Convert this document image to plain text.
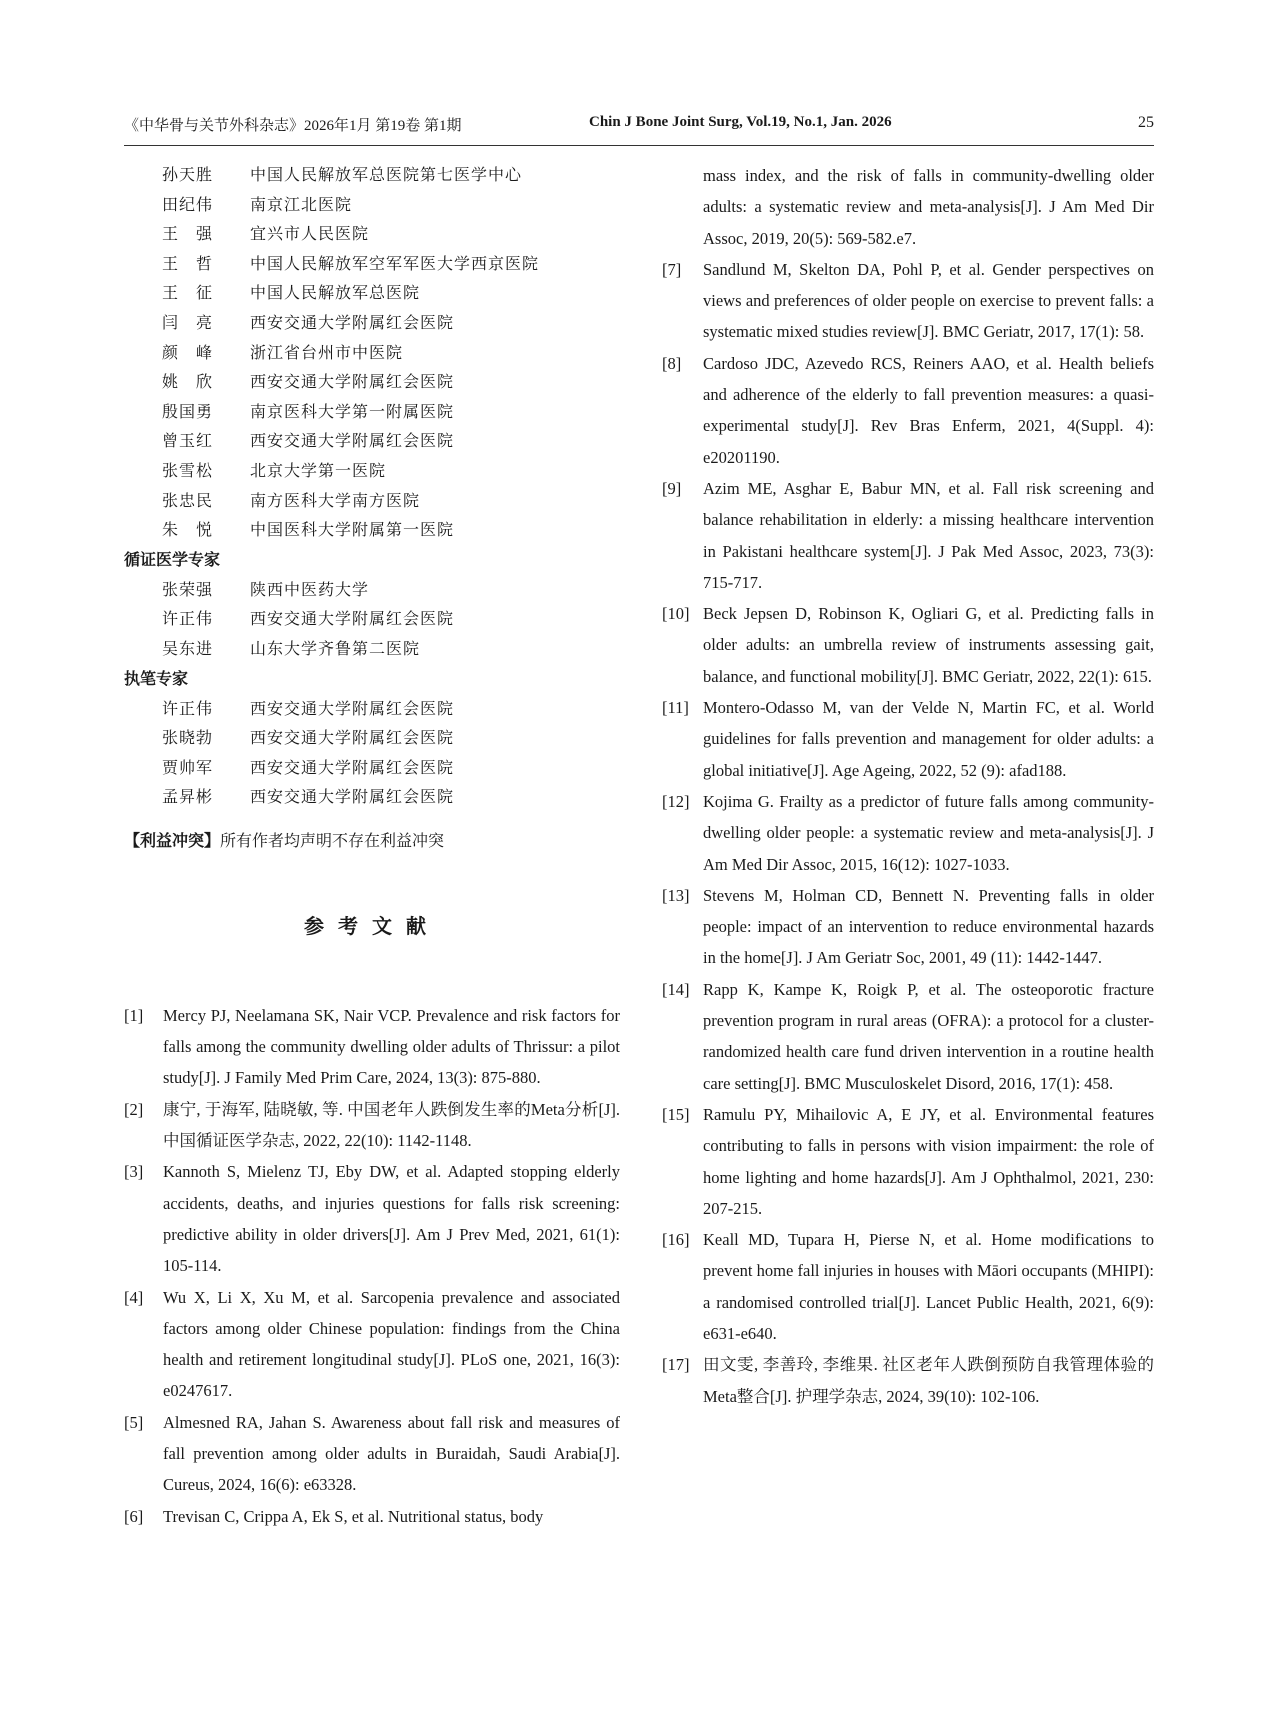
《中华骨与关节外科杂志》2026年1月 第19卷 第1期	Chin J Bone Joint Surg, Vol.19, No.1, Jan. 2026	25
孙天胜 中国人民解放军总医院第七医学中心
田纪伟 南京江北医院
王　强 宜兴市人民医院
王　哲 中国人民解放军空军军医大学西京医院
王　征 中国人民解放军总医院
闫　亮 西安交通大学附属红会医院
颜　峰 浙江省台州市中医院
姚　欣 西安交通大学附属红会医院
殷国勇 南京医科大学第一附属医院
曾玉红 西安交通大学附属红会医院
张雪松 北京大学第一医院
张忠民 南方医科大学南方医院
朱　悦 中国医科大学附属第一医院
循证医学专家
张荣强 陕西中医药大学
许正伟 西安交通大学附属红会医院
吴东进 山东大学齐鲁第二医院
执笔专家
许正伟 西安交通大学附属红会医院
张晓勃 西安交通大学附属红会医院
贾帅军 西安交通大学附属红会医院
孟昇彬 西安交通大学附属红会医院
【利益冲突】所有作者均声明不存在利益冲突
参考文献
[1] Mercy PJ, Neelamana SK, Nair VCP. Prevalence and risk factors for falls among the community dwelling older adults of Thrissur: a pilot study[J]. J Family Med Prim Care, 2024, 13(3): 875-880.
[2] 康宁, 于海军, 陆晓敏, 等. 中国老年人跌倒发生率的Meta分析[J]. 中国循证医学杂志, 2022, 22(10): 1142-1148.
[3] Kannoth S, Mielenz TJ, Eby DW, et al. Adapted stopping elderly accidents, deaths, and injuries questions for falls risk screening: predictive ability in older drivers[J]. Am J Prev Med, 2021, 61(1): 105-114.
[4] Wu X, Li X, Xu M, et al. Sarcopenia prevalence and associated factors among older Chinese population: findings from the China health and retirement longitudinal study[J]. PLoS one, 2021, 16(3): e0247617.
[5] Almesned RA, Jahan S. Awareness about fall risk and measures of fall prevention among older adults in Buraidah, Saudi Arabia[J]. Cureus, 2024, 16(6): e63328.
[6] Trevisan C, Crippa A, Ek S, et al. Nutritional status, body
mass index, and the risk of falls in community-dwelling older adults: a systematic review and meta-analysis[J]. J Am Med Dir Assoc, 2019, 20(5): 569-582.e7.
[7] Sandlund M, Skelton DA, Pohl P, et al. Gender perspectives on views and preferences of older people on exercise to prevent falls: a systematic mixed studies review[J]. BMC Geriatr, 2017, 17(1): 58.
[8] Cardoso JDC, Azevedo RCS, Reiners AAO, et al. Health beliefs and adherence of the elderly to fall prevention measures: a quasi-experimental study[J]. Rev Bras Enferm, 2021, 4(Suppl. 4): e20201190.
[9] Azim ME, Asghar E, Babur MN, et al. Fall risk screening and balance rehabilitation in elderly: a missing healthcare intervention in Pakistani healthcare system[J]. J Pak Med Assoc, 2023, 73(3): 715-717.
[10] Beck Jepsen D, Robinson K, Ogliari G, et al. Predicting falls in older adults: an umbrella review of instruments assessing gait, balance, and functional mobility[J]. BMC Geriatr, 2022, 22(1): 615.
[11] Montero-Odasso M, van der Velde N, Martin FC, et al. World guidelines for falls prevention and management for older adults: a global initiative[J]. Age Ageing, 2022, 52 (9): afad188.
[12] Kojima G. Frailty as a predictor of future falls among community-dwelling older people: a systematic review and meta-analysis[J]. J Am Med Dir Assoc, 2015, 16(12): 1027-1033.
[13] Stevens M, Holman CD, Bennett N. Preventing falls in older people: impact of an intervention to reduce environmental hazards in the home[J]. J Am Geriatr Soc, 2001, 49 (11): 1442-1447.
[14] Rapp K, Kampe K, Roigk P, et al. The osteoporotic fracture prevention program in rural areas (OFRA): a protocol for a cluster-randomized health care fund driven intervention in a routine health care setting[J]. BMC Musculoskelet Disord, 2016, 17(1): 458.
[15] Ramulu PY, Mihailovic A, E JY, et al. Environmental features contributing to falls in persons with vision impairment: the role of home lighting and home hazards[J]. Am J Ophthalmol, 2021, 230: 207-215.
[16] Keall MD, Tupara H, Pierse N, et al. Home modifications to prevent home fall injuries in houses with Māori occupants (MHIPI): a randomised controlled trial[J]. Lancet Public Health, 2021, 6(9): e631-e640.
[17] 田文雯, 李善玲, 李维果. 社区老年人跌倒预防自我管理体验的Meta整合[J]. 护理学杂志, 2024, 39(10): 102-106.
